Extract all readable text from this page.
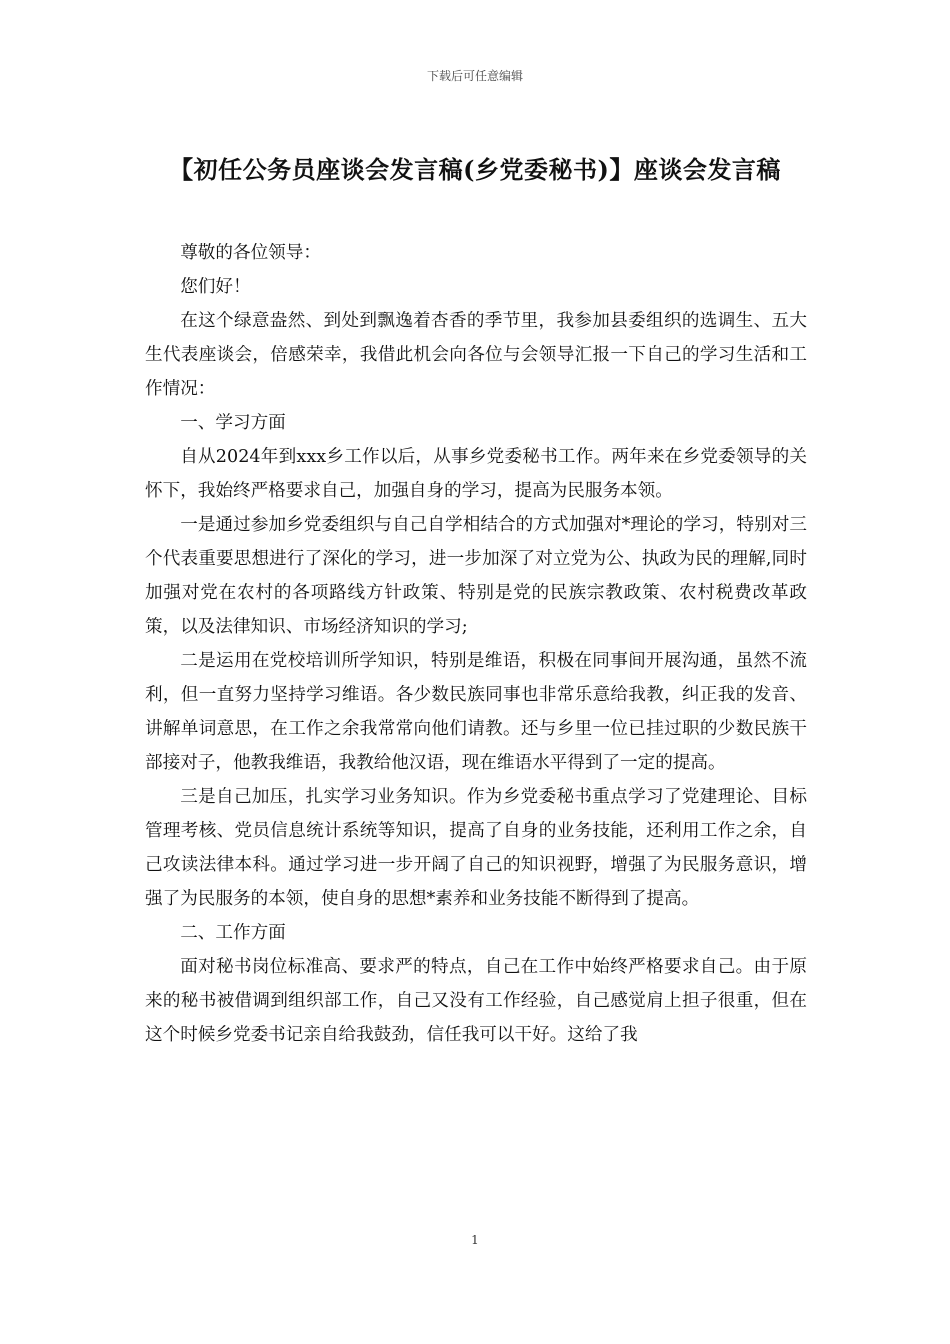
下载后可任意编辑
【初任公务员座谈会发言稿(乡党委秘书)】座谈会发言稿

尊敬的各位领导：

您们好！

在这个绿意盎然、到处到飘逸着杏香的季节里，我参加县委组织的选调生、五大生代表座谈会，倍感荣幸，我借此机会向各位与会领导汇报一下自己的学习生活和工作情况：

一、学习方面

自从2024年到xxx乡工作以后，从事乡党委秘书工作。两年来在乡党委领导的关怀下，我始终严格要求自己，加强自身的学习，提高为民服务本领。

一是通过参加乡党委组织与自己自学相结合的方式加强对*理论的学习，特别对三个代表重要思想进行了深化的学习，进一步加深了对立党为公、执政为民的理解,同时加强对党在农村的各项路线方针政策、特别是党的民族宗教政策、农村税费改革政策，以及法律知识、市场经济知识的学习;

二是运用在党校培训所学知识，特别是维语，积极在同事间开展沟通，虽然不流利，但一直努力坚持学习维语。各少数民族同事也非常乐意给我教，纠正我的发音、讲解单词意思，在工作之余我常常向他们请教。还与乡里一位已挂过职的少数民族干部接对子，他教我维语，我教给他汉语，现在维语水平得到了一定的提高。

三是自己加压，扎实学习业务知识。作为乡党委秘书重点学习了党建理论、目标管理考核、党员信息统计系统等知识，提高了自身的业务技能，还利用工作之余，自己攻读法律本科。通过学习进一步开阔了自己的知识视野，增强了为民服务意识，增强了为民服务的本领，使自身的思想*素养和业务技能不断得到了提高。

二、工作方面

面对秘书岗位标准高、要求严的特点，自己在工作中始终严格要求自己。由于原来的秘书被借调到组织部工作，自己又没有工作经验，自己感觉肩上担子很重，但在这个时候乡党委书记亲自给我鼓劲，信任我可以干好。这给了我

1
